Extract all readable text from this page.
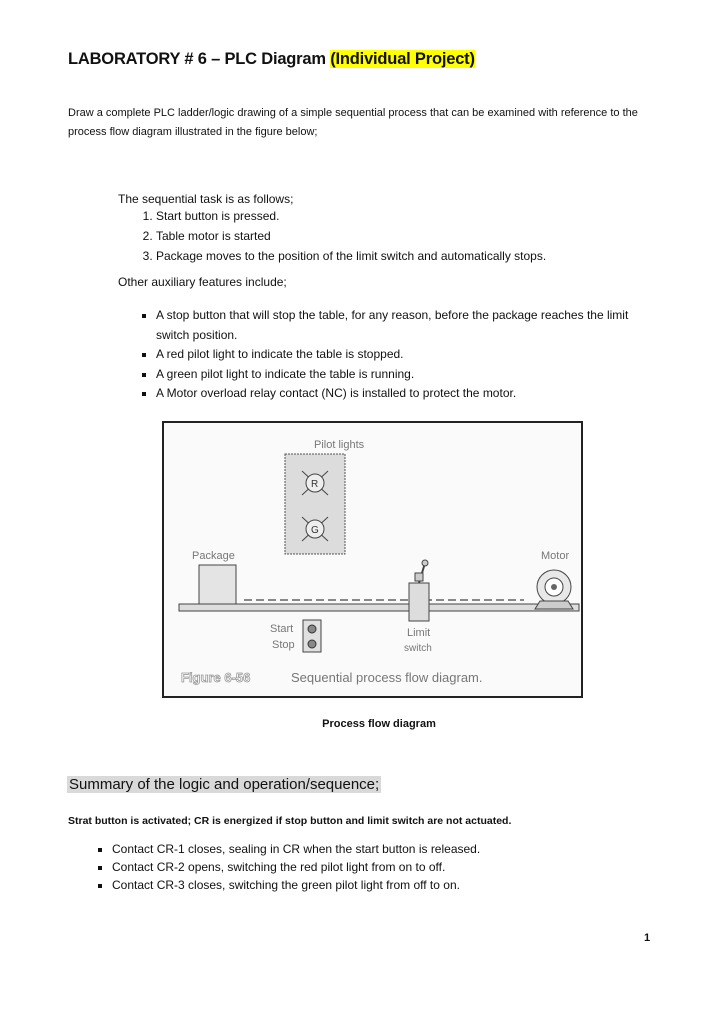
LABORATORY # 6 – PLC Diagram (Individual Project)
Draw a complete PLC ladder/logic drawing of a simple sequential process that can be examined with reference to the process flow diagram illustrated in the figure below;
The sequential task is as follows;
1. Start button is pressed.
2. Table motor is started
3. Package moves to the position of the limit switch and automatically stops.
Other auxiliary features include;
▪ A stop button that will stop the table, for any reason, before the package reaches the limit switch position.
▪ A red pilot light to indicate the table is stopped.
▪ A green pilot light to indicate the table is running.
▪ A Motor overload relay contact (NC) is installed to protect the motor.
Pilot lights
R
G
Package	Motor
Start
Stop
Limit
switch
Figure 6-56	Sequential process flow diagram.
Process flow diagram
Summary of the logic and operation/sequence;
Strat button is activated; CR is energized if stop button and limit switch are not actuated.
▪ Contact CR-1 closes, sealing in CR when the start button is released.
▪ Contact CR-2 opens, switching the red pilot light from on to off.
▪ Contact CR-3 closes, switching the green pilot light from off to on.
1
